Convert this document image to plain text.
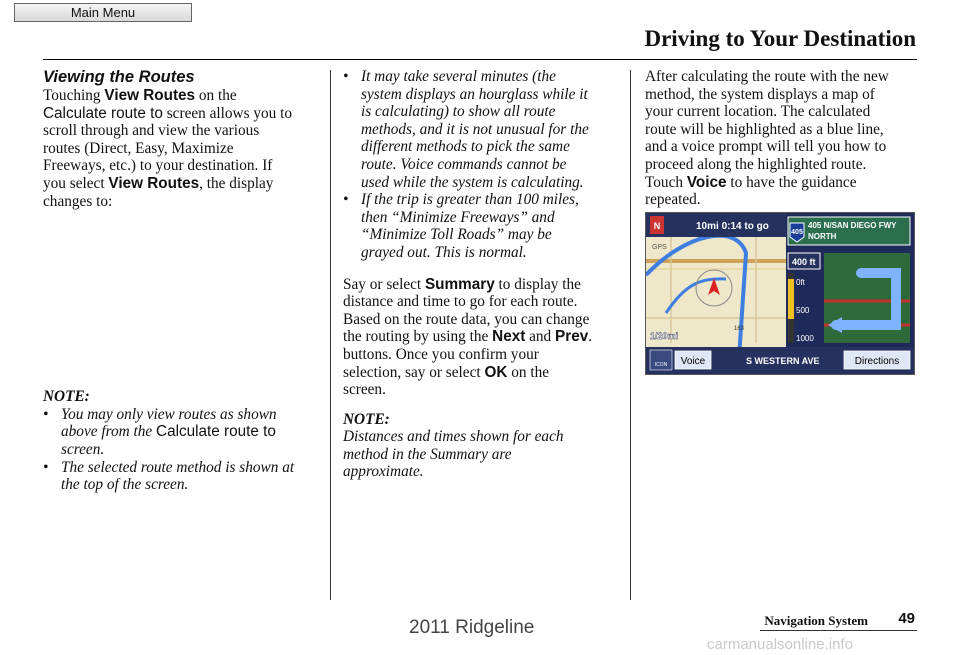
Main Menu
Driving to Your Destination

Viewing the Routes

Touching View Routes on the
Calculate route to screen allows you to
scroll through and view the various
routes (Direct, Easy, Maximize
Freeways, etc.) to your destination. If
you select View Routes, the display
changes to:

NOTE:

• You may only view routes as shown
above from the Calculate route to
screen.

• The selected route method is shown at
the top of the screen.

• It may take several minutes (the
system displays an hourglass while it
is calculating) to show all route
methods, and it is not unusual for the
different methods to pick the same
route. Voice commands cannot be
used while the system is calculating.

• If the trip is greater than 100 miles,
then “Minimize Freeways” and
“Minimize Toll Roads” may be
grayed out. This is normal.

Say or select Summary to display the
distance and time to go for each route.
Based on the route data, you can change
the routing by using the Next and Prev.
buttons. Once you confirm your
selection, say or select OK on the
screen.

NOTE:

Distances and times shown for each
method in the Summary are
approximate.

After calculating the route with the new
method, the system displays a map of
your current location. The calculated
route will be highlighted as a blue line,
and a voice prompt will tell you how to
proceed along the highlighted route.
Touch Voice to have the guidance
repeated.

N	10mi 0:14 to go
GPS
163
1/20mi
405
405 N/SAN DIEGO FWY
NORTH
400 ft
0ft
500
1000
ICON Voice	S WESTERN AVE	Directions
Navigation System 49
2011 Ridgeline
carmanualsonline.info
